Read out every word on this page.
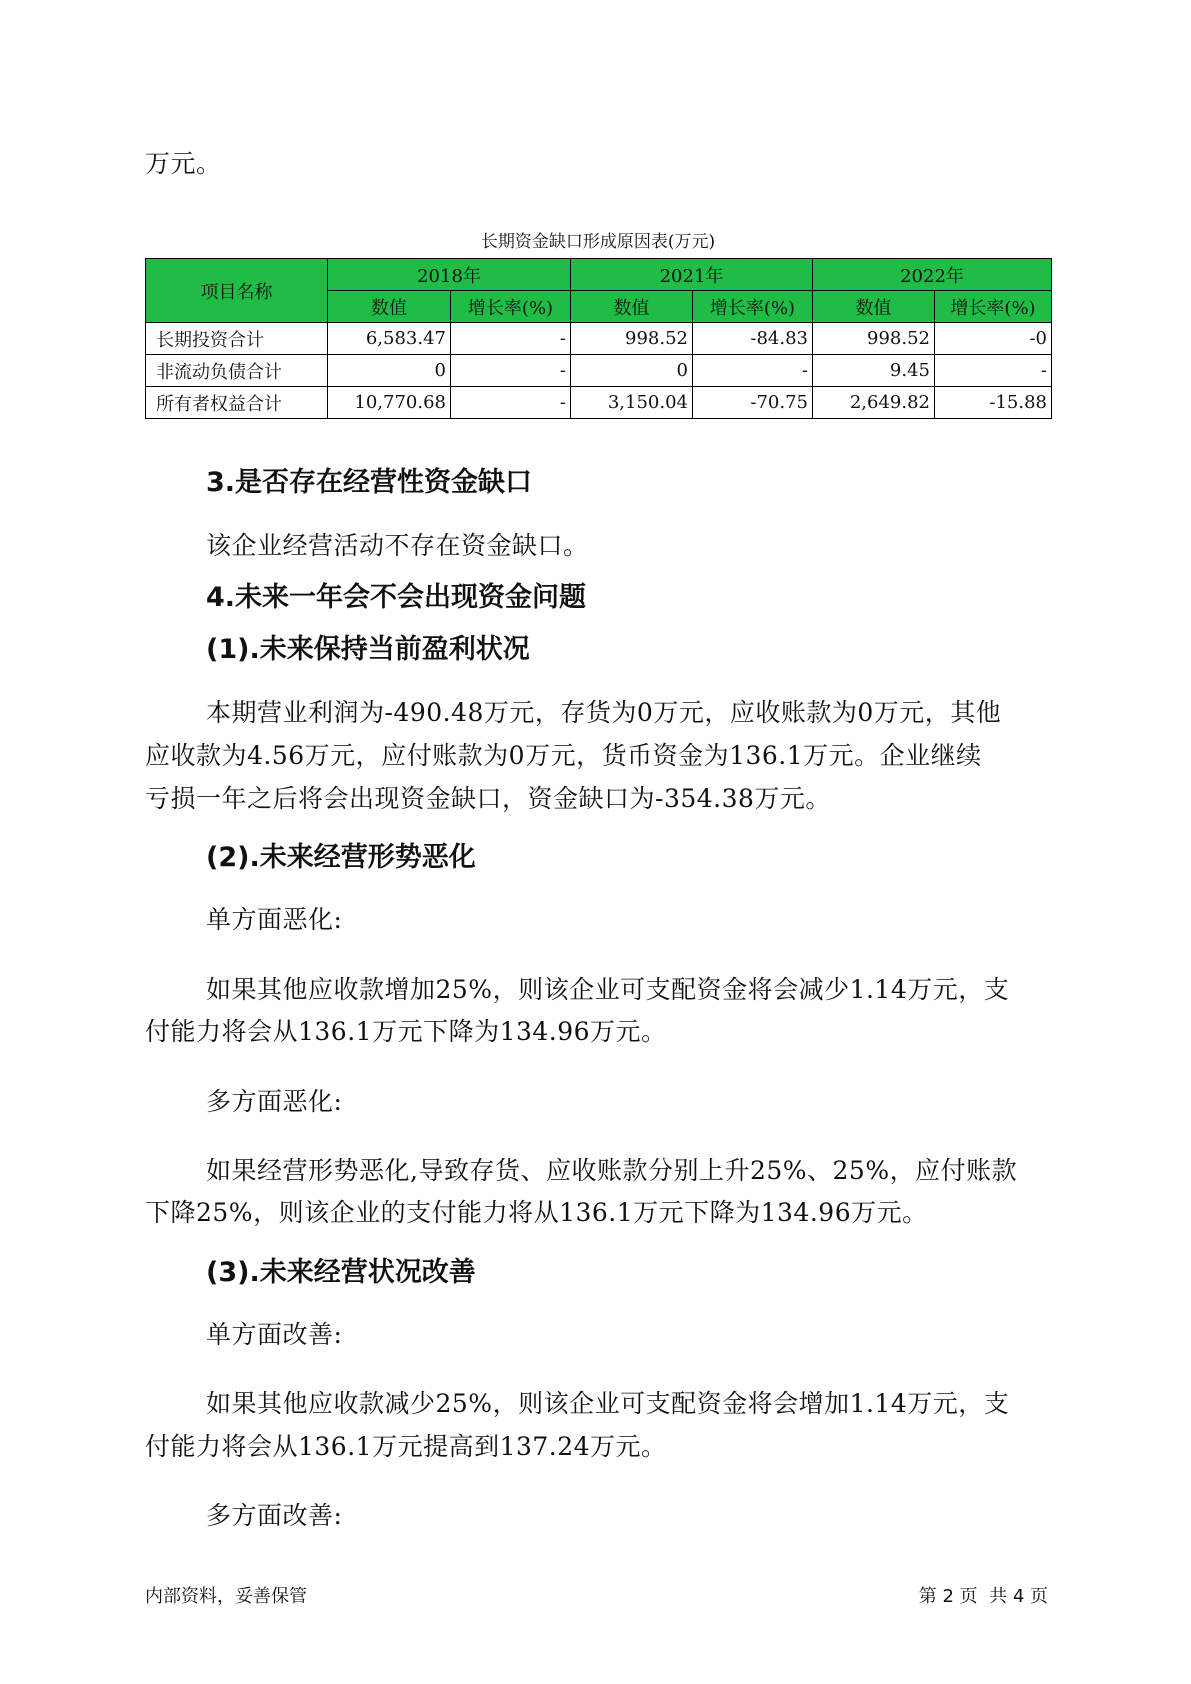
万元。
长期资金缺口形成原因表(万元)
项目名称	2018年		2021年		2022年	
	数值	增长率(%)	数值	增长率(%)	数值	增长率(%)
长期投资合计	6,583.47	-	998.52	-84.83	998.52	-0
非流动负债合计	0	-	0	-	9.45	-
所有者权益合计	10,770.68	-	3,150.04	-70.75	2,649.82	-15.88
3.是否存在经营性资金缺口
该企业经营活动不存在资金缺口。
4.未来一年会不会出现资金问题
(1).未来保持当前盈利状况
本期营业利润为-490.48万元，存货为0万元，应收账款为0万元，其他
应收款为4.56万元，应付账款为0万元，货币资金为136.1万元。企业继续
亏损一年之后将会出现资金缺口，资金缺口为-354.38万元。
(2).未来经营形势恶化
单方面恶化:
如果其他应收款增加25%，则该企业可支配资金将会减少1.14万元，支
付能力将会从136.1万元下降为134.96万元。
多方面恶化:
如果经营形势恶化,导致存货、应收账款分别上升25%、25%，应付账款
下降25%，则该企业的支付能力将从136.1万元下降为134.96万元。
(3).未来经营状况改善
单方面改善:
如果其他应收款减少25%，则该企业可支配资金将会增加1.14万元，支
付能力将会从136.1万元提高到137.24万元。
多方面改善:
内部资料，妥善保管	第 2 页  共 4 页
